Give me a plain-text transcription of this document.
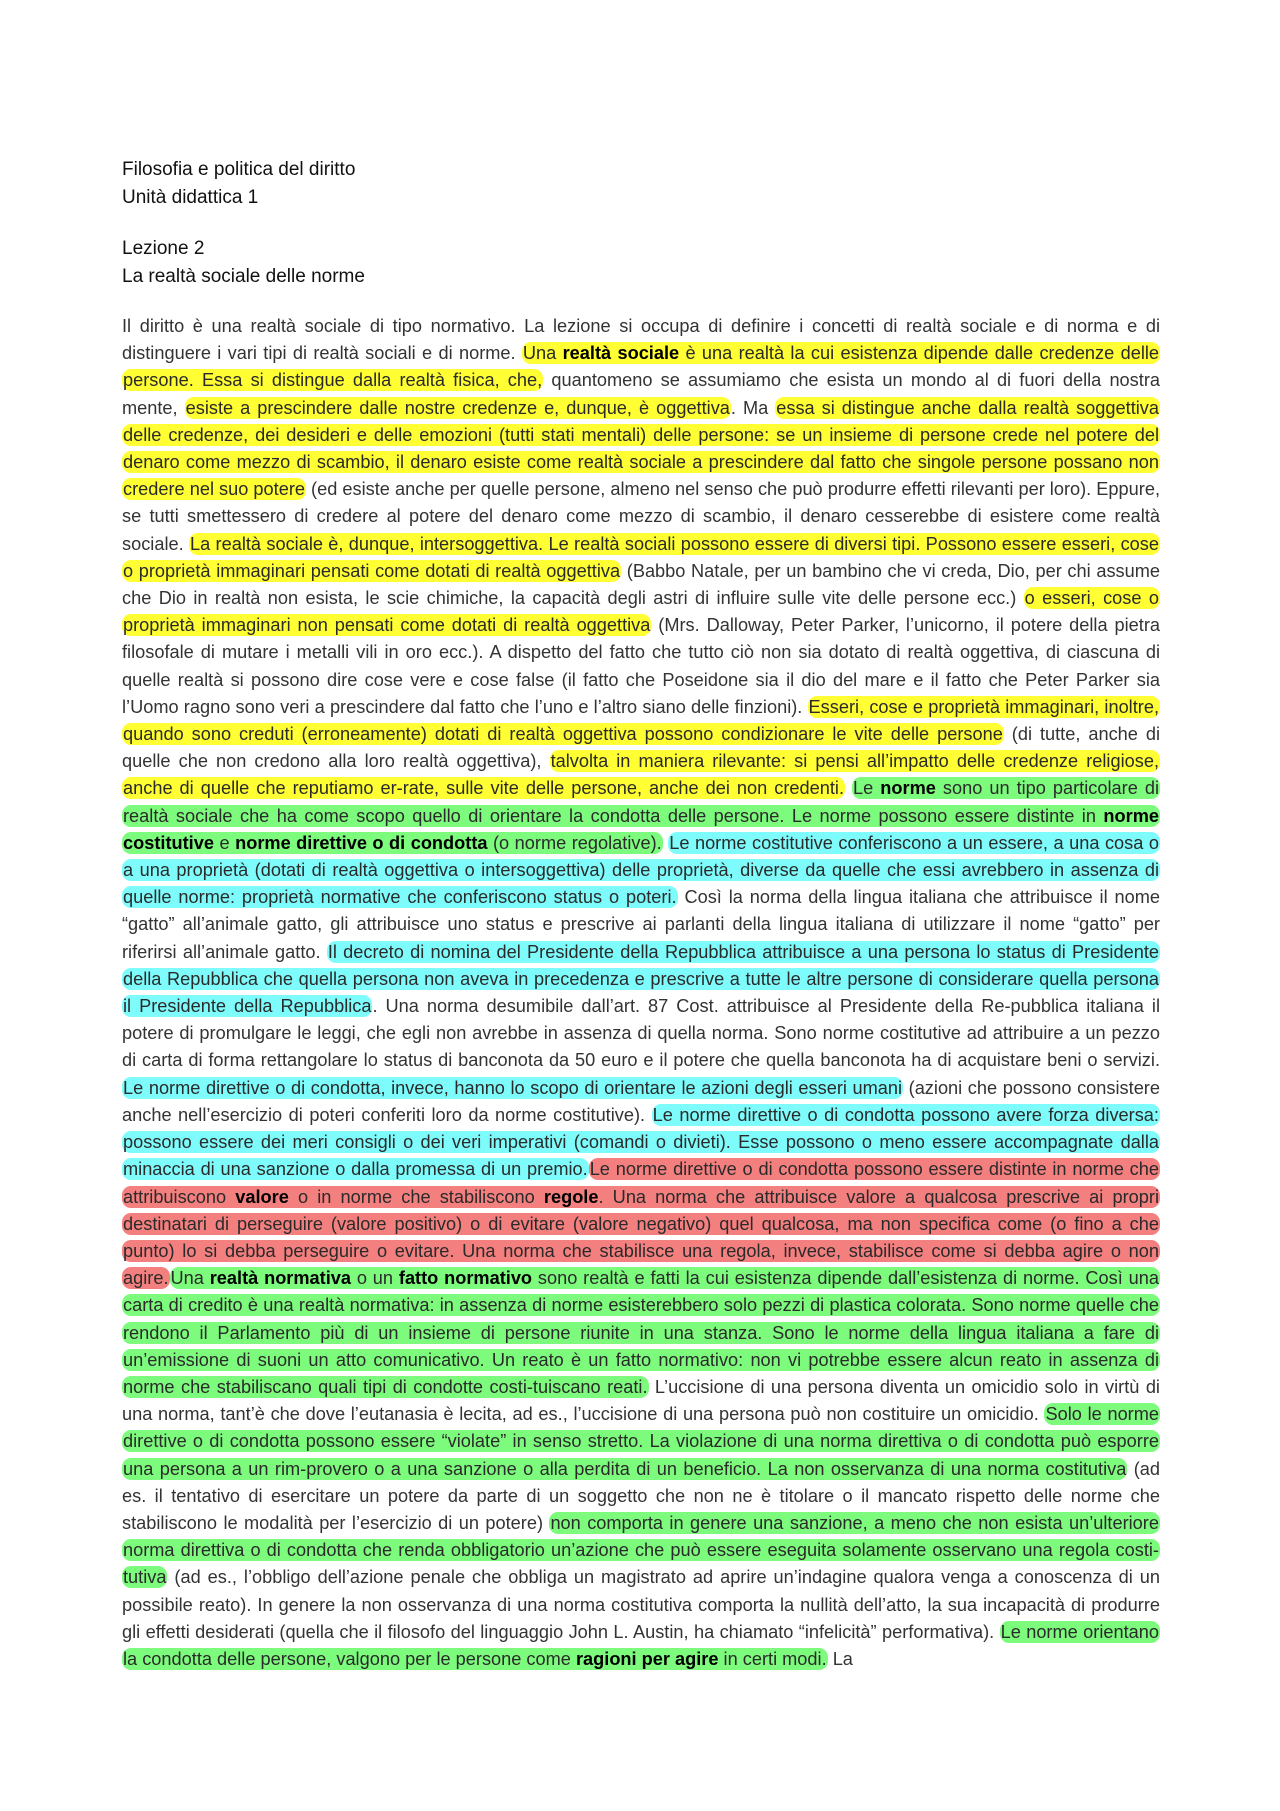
Filosofia e politica del diritto
Unità didattica 1
Lezione 2
La realtà sociale delle norme
Il diritto è una realtà sociale di tipo normativo. La lezione si occupa di definire i concetti di realtà sociale e di norma e di distinguere i vari tipi di realtà sociali e di norme. Una realtà sociale è una realtà la cui esistenza dipende dalle credenze delle persone. Essa si distingue dalla realtà fisica, che, quantomeno se assumiamo che esista un mondo al di fuori della nostra mente, esiste a prescindere dalle nostre credenze e, dunque, è oggettiva. Ma essa si distingue anche dalla realtà soggettiva delle credenze, dei desideri e delle emozioni (tutti stati mentali) delle persone: se un insieme di persone crede nel potere del denaro come mezzo di scambio, il denaro esiste come realtà sociale a prescindere dal fatto che singole persone possano non credere nel suo potere (ed esiste anche per quelle persone, almeno nel senso che può produrre effetti rilevanti per loro). Eppure, se tutti smettessero di credere al potere del denaro come mezzo di scambio, il denaro cesserebbe di esistere come realtà sociale. La realtà sociale è, dunque, intersoggettiva. Le realtà sociali possono essere di diversi tipi. Possono essere esseri, cose o proprietà immaginari pensati come dotati di realtà oggettiva (Babbo Natale, per un bambino che vi creda, Dio, per chi assume che Dio in realtà non esista, le scie chimiche, la capacità degli astri di influire sulle vite delle persone ecc.) o esseri, cose o proprietà immaginari non pensati come dotati di realtà oggettiva (Mrs. Dalloway, Peter Parker, l’unicorno, il potere della pietra filosofale di mutare i metalli vili in oro ecc.). A dispetto del fatto che tutto ciò non sia dotato di realtà oggettiva, di ciascuna di quelle realtà si possono dire cose vere e cose false (il fatto che Poseidone sia il dio del mare e il fatto che Peter Parker sia l’Uomo ragno sono veri a prescindere dal fatto che l’uno e l’altro siano delle finzioni). Esseri, cose e proprietà immaginari, inoltre, quando sono creduti (erroneamente) dotati di realtà oggettiva possono condizionare le vite delle persone (di tutte, anche di quelle che non credono alla loro realtà oggettiva), talvolta in maniera rilevante: si pensi all’impatto delle credenze religiose, anche di quelle che reputiamo er-rate, sulle vite delle persone, anche dei non credenti. Le norme sono un tipo particolare di realtà sociale che ha come scopo quello di orientare la condotta delle persone. Le norme possono essere distinte in norme costitutive e norme direttive o di condotta (o norme regolative). Le norme costitutive conferiscono a un essere, a una cosa o a una proprietà (dotati di realtà oggettiva o intersoggettiva) delle proprietà, diverse da quelle che essi avrebbero in assenza di quelle norme: proprietà normative che conferiscono status o poteri. Così la norma della lingua italiana che attribuisce il nome “gatto” all’animale gatto, gli attribuisce uno status e prescrive ai parlanti della lingua italiana di utilizzare il nome “gatto” per riferirsi all’animale gatto. Il decreto di nomina del Presidente della Repubblica attribuisce a una persona lo status di Presidente della Repubblica che quella persona non aveva in precedenza e prescrive a tutte le altre persone di considerare quella persona il Presidente della Repubblica. Una norma desumibile dall’art. 87 Cost. attribuisce al Presidente della Re-pubblica italiana il potere di promulgare le leggi, che egli non avrebbe in assenza di quella norma. Sono norme costitutive ad attribuire a un pezzo di carta di forma rettangolare lo status di banconota da 50 euro e il potere che quella banconota ha di acquistare beni o servizi. Le norme direttive o di condotta, invece, hanno lo scopo di orientare le azioni degli esseri umani (azioni che possono consistere anche nell’esercizio di poteri conferiti loro da norme costitutive). Le norme direttive o di condotta possono avere forza diversa: possono essere dei meri consigli o dei veri imperativi (comandi o divieti). Esse possono o meno essere accompagnate dalla minaccia di una sanzione o dalla promessa di un premio. Le norme direttive o di condotta possono essere distinte in norme che attribuiscono valore o in norme che stabiliscono regole. Una norma che attribuisce valore a qualcosa prescrive ai propri destinatari di perseguire (valore positivo) o di evitare (valore negativo) quel qualcosa, ma non specifica come (o fino a che punto) lo si debba perseguire o evitare. Una norma che stabilisce una regola, invece, stabilisce come si debba agire o non agire. Una realtà normativa o un fatto normativo sono realtà e fatti la cui esistenza dipende dall’esistenza di norme. Così una carta di credito è una realtà normativa: in assenza di norme esisterebbero solo pezzi di plastica colorata. Sono norme quelle che rendono il Parlamento più di un insieme di persone riunite in una stanza. Sono le norme della lingua italiana a fare di un’emissione di suoni un atto comunicativo. Un reato è un fatto normativo: non vi potrebbe essere alcun reato in assenza di norme che stabiliscano quali tipi di condotte costi-tuiscano reati. L’uccisione di una persona diventa un omicidio solo in virtù di una norma, tant’è che dove l’eutanasia è lecita, ad es., l’uccisione di una persona può non costituire un omicidio. Solo le norme direttive o di condotta possono essere “violate” in senso stretto. La violazione di una norma direttiva o di condotta può esporre una persona a un rim-provero o a una sanzione o alla perdita di un beneficio. La non osservanza di una norma costitutiva (ad es. il tentativo di esercitare un potere da parte di un soggetto che non ne è titolare o il mancato rispetto delle norme che stabiliscono le modalità per l’esercizio di un potere) non comporta in genere una sanzione, a meno che non esista un’ulteriore norma direttiva o di condotta che renda obbligatorio un’azione che può essere eseguita solamente osservano una regola costi-tutiva (ad es., l’obbligo dell’azione penale che obbliga un magistrato ad aprire un’indagine qualora venga a conoscenza di un possibile reato). In genere la non osservanza di una norma costitutiva comporta la nullità dell’atto, la sua incapacità di produrre gli effetti desiderati (quella che il filosofo del linguaggio John L. Austin, ha chiamato “infelicità” performativa). Le norme orientano la condotta delle persone, valgono per le persone come ragioni per agire in certi modi. La
